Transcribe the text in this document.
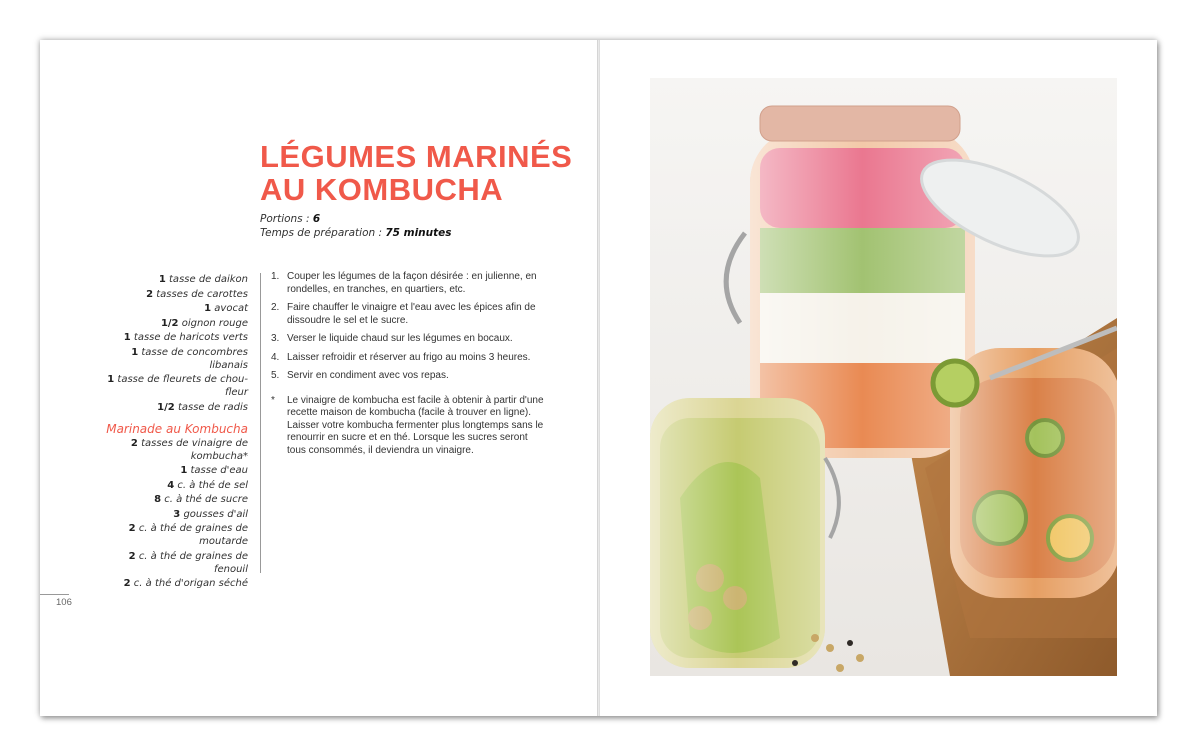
LÉGUMES MARINÉS
AU KOMBUCHA
Portions : 6
Temps de préparation : 75 minutes
1 tasse de daikon
2 tasses de carottes
1 avocat
1/2 oignon rouge
1 tasse de haricots verts
1 tasse de concombres libanais
1 tasse de fleurets de chou-fleur
1/2 tasse de radis
Marinade au Kombucha
2 tasses de vinaigre de kombucha*
1 tasse d'eau
4 c. à thé de sel
8 c. à thé de sucre
3 gousses d'ail
2 c. à thé de graines de moutarde
2 c. à thé de graines de fenouil
2 c. à thé d'origan séché
1. Couper les légumes de la façon désirée : en julienne, en rondelles, en tranches, en quartiers, etc.
2. Faire chauffer le vinaigre et l'eau avec les épices afin de dissoudre le sel et le sucre.
3. Verser le liquide chaud sur les légumes en bocaux.
4. Laisser refroidir et réserver au frigo au moins 3 heures.
5. Servir en condiment avec vos repas.
*	Le vinaigre de kombucha est facile à obtenir à partir d'une recette maison de kombucha (facile à trouver en ligne). Laisser votre kombucha fermenter plus longtemps sans le renourrir en sucre et en thé. Lorsque les sucres seront tous consommés, il deviendra un vinaigre.
106
